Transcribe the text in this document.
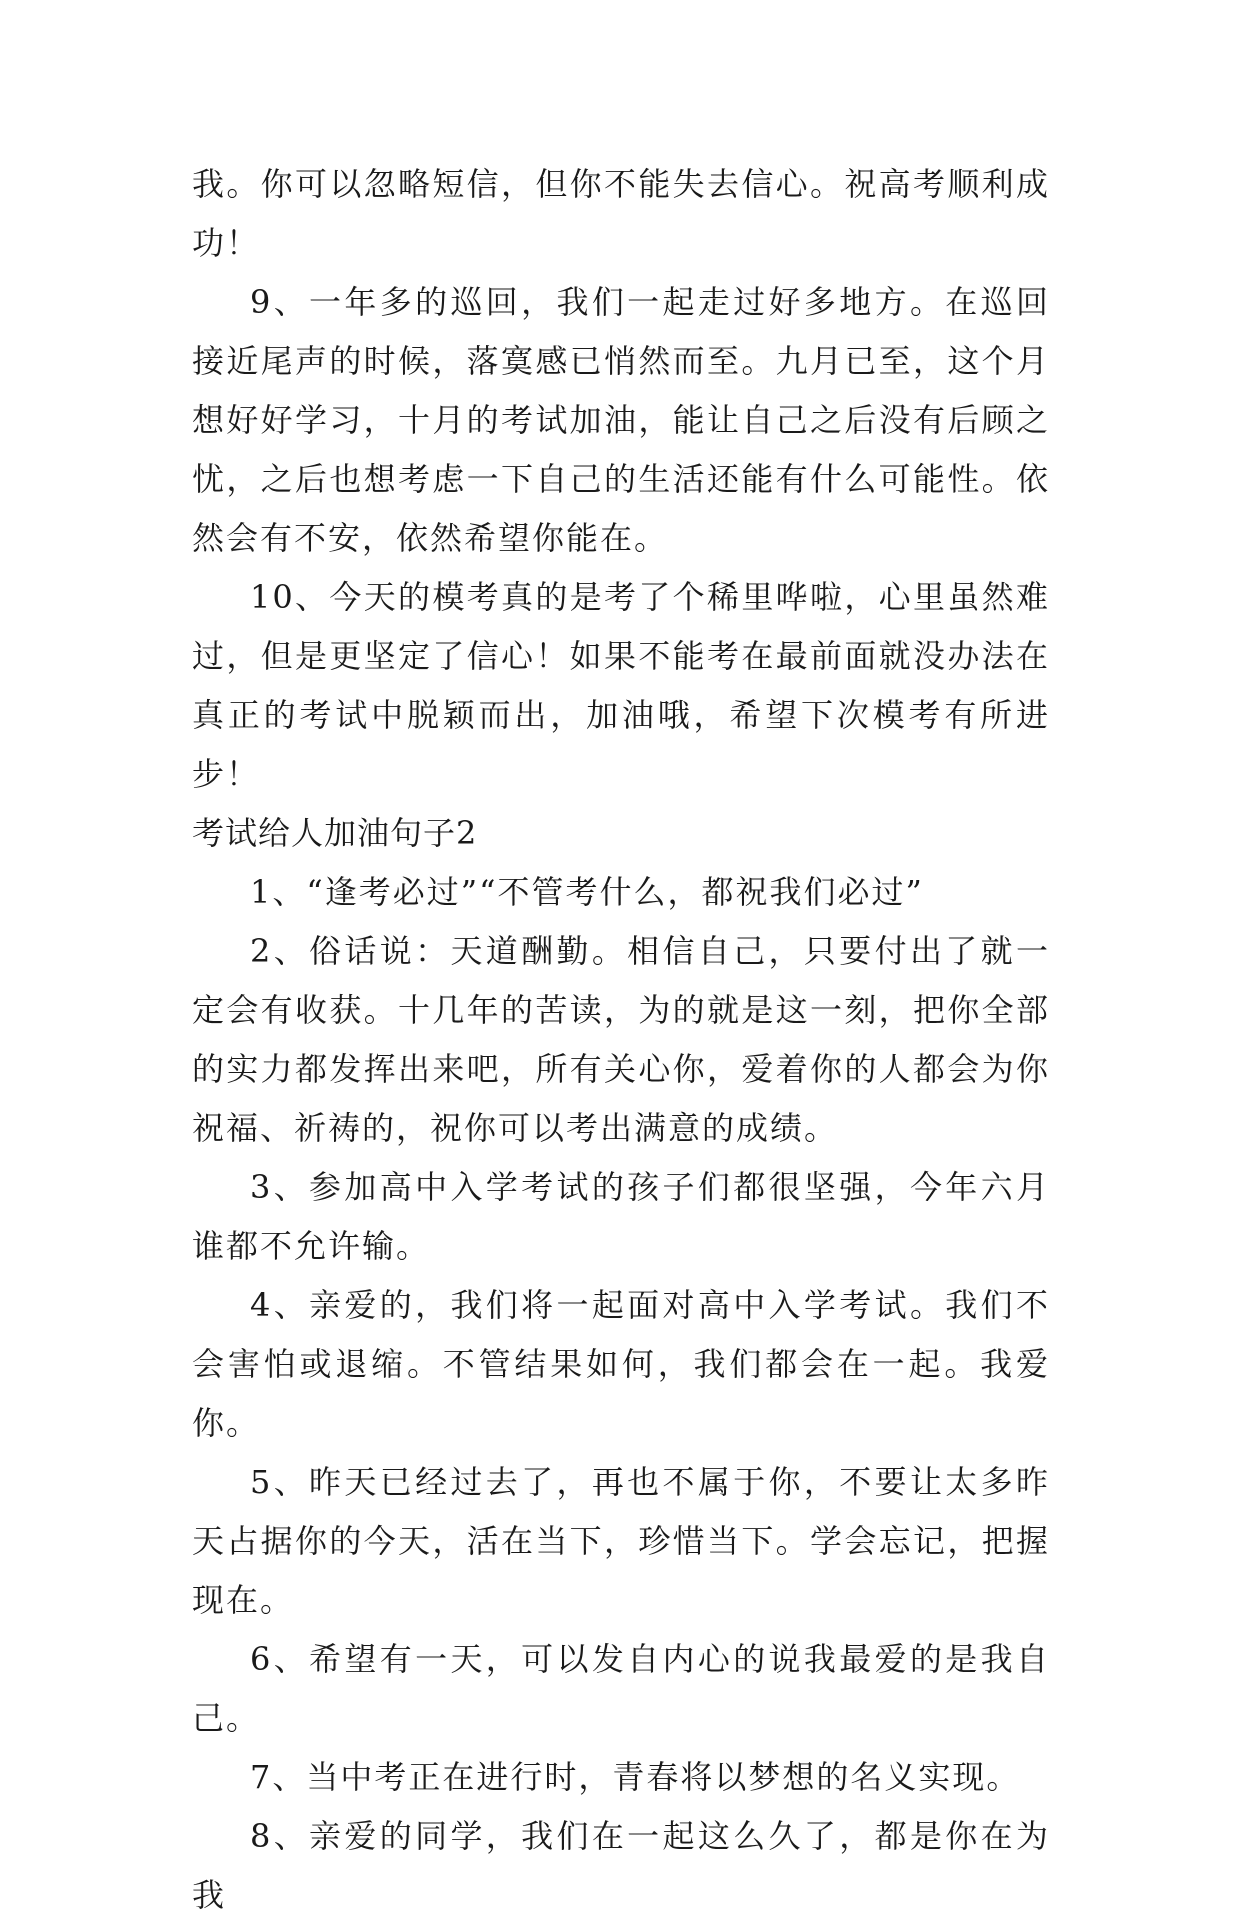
我。你可以忽略短信，但你不能失去信心。祝高考顺利成功！

9、一年多的巡回，我们一起走过好多地方。在巡回接近尾声的时候，落寞感已悄然而至。九月已至，这个月想好好学习，十月的考试加油，能让自己之后没有后顾之忧，之后也想考虑一下自己的生活还能有什么可能性。依然会有不安，依然希望你能在。

10、今天的模考真的是考了个稀里哗啦，心里虽然难过，但是更坚定了信心！如果不能考在最前面就没办法在真正的考试中脱颖而出，加油哦，希望下次模考有所进步！

考试给人加油句子2

1、“逢考必过”“不管考什么，都祝我们必过”

2、俗话说：天道酬勤。相信自己，只要付出了就一定会有收获。十几年的苦读，为的就是这一刻，把你全部的实力都发挥出来吧，所有关心你，爱着你的人都会为你祝福、祈祷的，祝你可以考出满意的成绩。

3、参加高中入学考试的孩子们都很坚强，今年六月谁都不允许输。

4、亲爱的，我们将一起面对高中入学考试。我们不会害怕或退缩。不管结果如何，我们都会在一起。我爱你。

5、昨天已经过去了，再也不属于你，不要让太多昨天占据你的今天，活在当下，珍惜当下。学会忘记，把握现在。

6、希望有一天，可以发自内心的说我最爱的是我自己。

7、当中考正在进行时，青春将以梦想的名义实现。

8、亲爱的同学，我们在一起这么久了，都是你在为我
